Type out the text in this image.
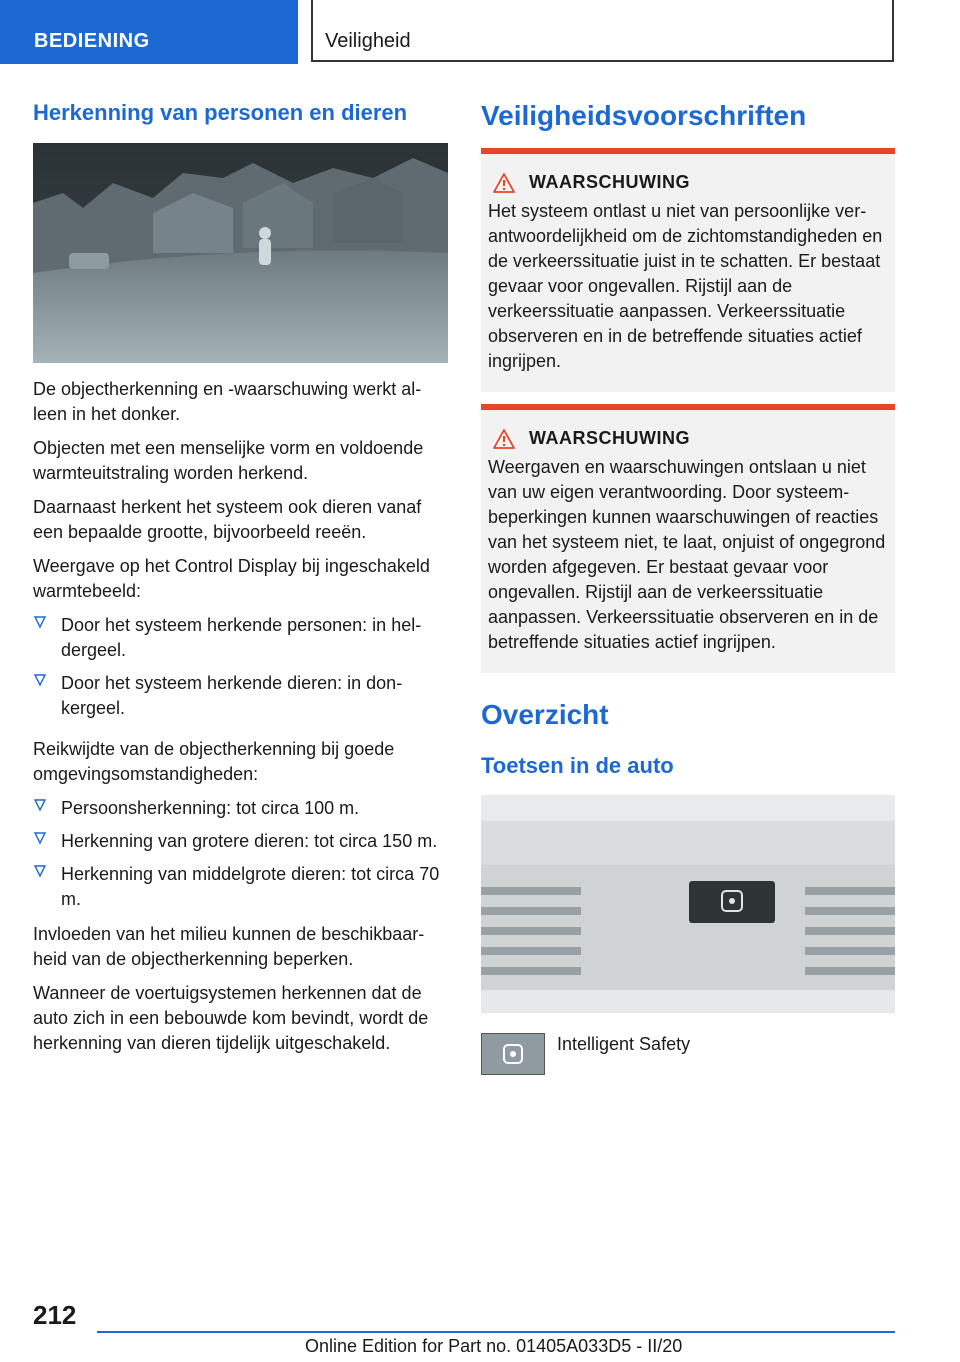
BEDIENING	Veiligheid
Herkenning van personen en dieren

De objectherkenning en -waarschuwing werkt alleen in het donker.

Objecten met een menselijke vorm en voldoende warmteuitstraling worden herkend.

Daarnaast herkent het systeem ook dieren vanaf een bepaalde grootte, bijvoorbeeld reeën.

Weergave op het Control Display bij ingeschakeld warmtebeeld:

Door het systeem herkende personen: in heldergeel.
Door het systeem herkende dieren: in donkergeel.

Reikwijdte van de objectherkenning bij goede omgevingsomstandigheden:

Persoonsherkenning: tot circa 100 m.
Herkenning van grotere dieren: tot circa 150 m.
Herkenning van middelgrote dieren: tot circa 70 m.

Invloeden van het milieu kunnen de beschikbaarheid van de objectherkenning beperken.

Wanneer de voertuigsystemen herkennen dat de auto zich in een bebouwde kom bevindt, wordt de herkenning van dieren tijdelijk uitgeschakeld.

Veiligheidsvoorschriften
WAARSCHUWING

Het systeem ontlast u niet van persoonlijke verantwoordelijkheid om de zichtomstandigheden en de verkeerssituatie juist in te schatten. Er bestaat gevaar voor ongevallen. Rijstijl aan de verkeerssituatie aanpassen. Verkeerssituatie observeren en in de betreffende situaties actief ingrijpen.

WAARSCHUWING

Weergaven en waarschuwingen ontslaan u niet van uw eigen verantwoording. Door systeembeperkingen kunnen waarschuwingen of reacties van het systeem niet, te laat, onjuist of ongegrond worden afgegeven. Er bestaat gevaar voor ongevallen. Rijstijl aan de verkeerssituatie aanpassen. Verkeerssituatie observeren en in de betreffende situaties actief ingrijpen.

Overzicht
Toetsen in de auto
Intelligent Safety
212
Online Edition for Part no. 01405A033D5 - II/20
